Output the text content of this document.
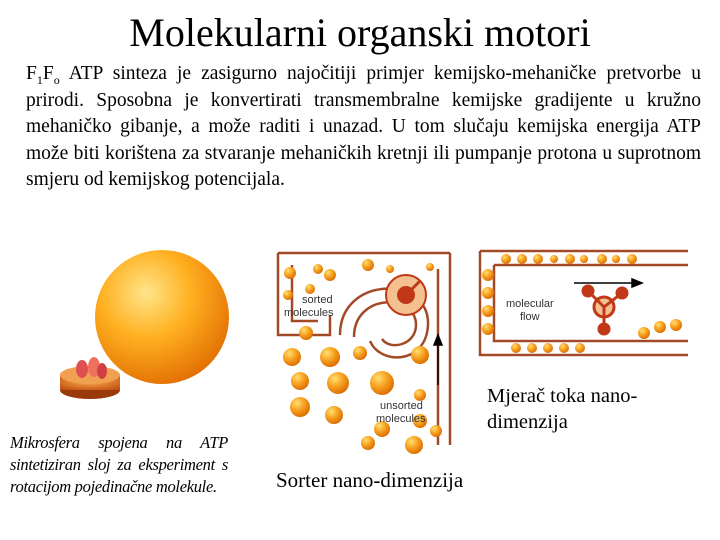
Molekularni organski motori
$F_1F_o$ ATP sinteza je zasigurno najočitiji primjer kemijsko-mehaničke pretvorbe u prirodi. Sposobna je konvertirati transmembralne kemijske gradijente u kružno mehaničko gibanje, a može raditi i unazad. U tom slučaju kemijska energija ATP može biti korištena za stvaranje mehaničkih kretnji ili pumpanje protona u suprotnom smjeru od kemijskog potencijala.
sorted
molecules
unsorted
molecules
molecular
flow
Mikrosfera spojena na ATP sintetiziran sloj za eksperiment s rotacijom pojedinačne molekule.	Sorter nano-dimenzija
Mjerač toka nano-dimenzija
